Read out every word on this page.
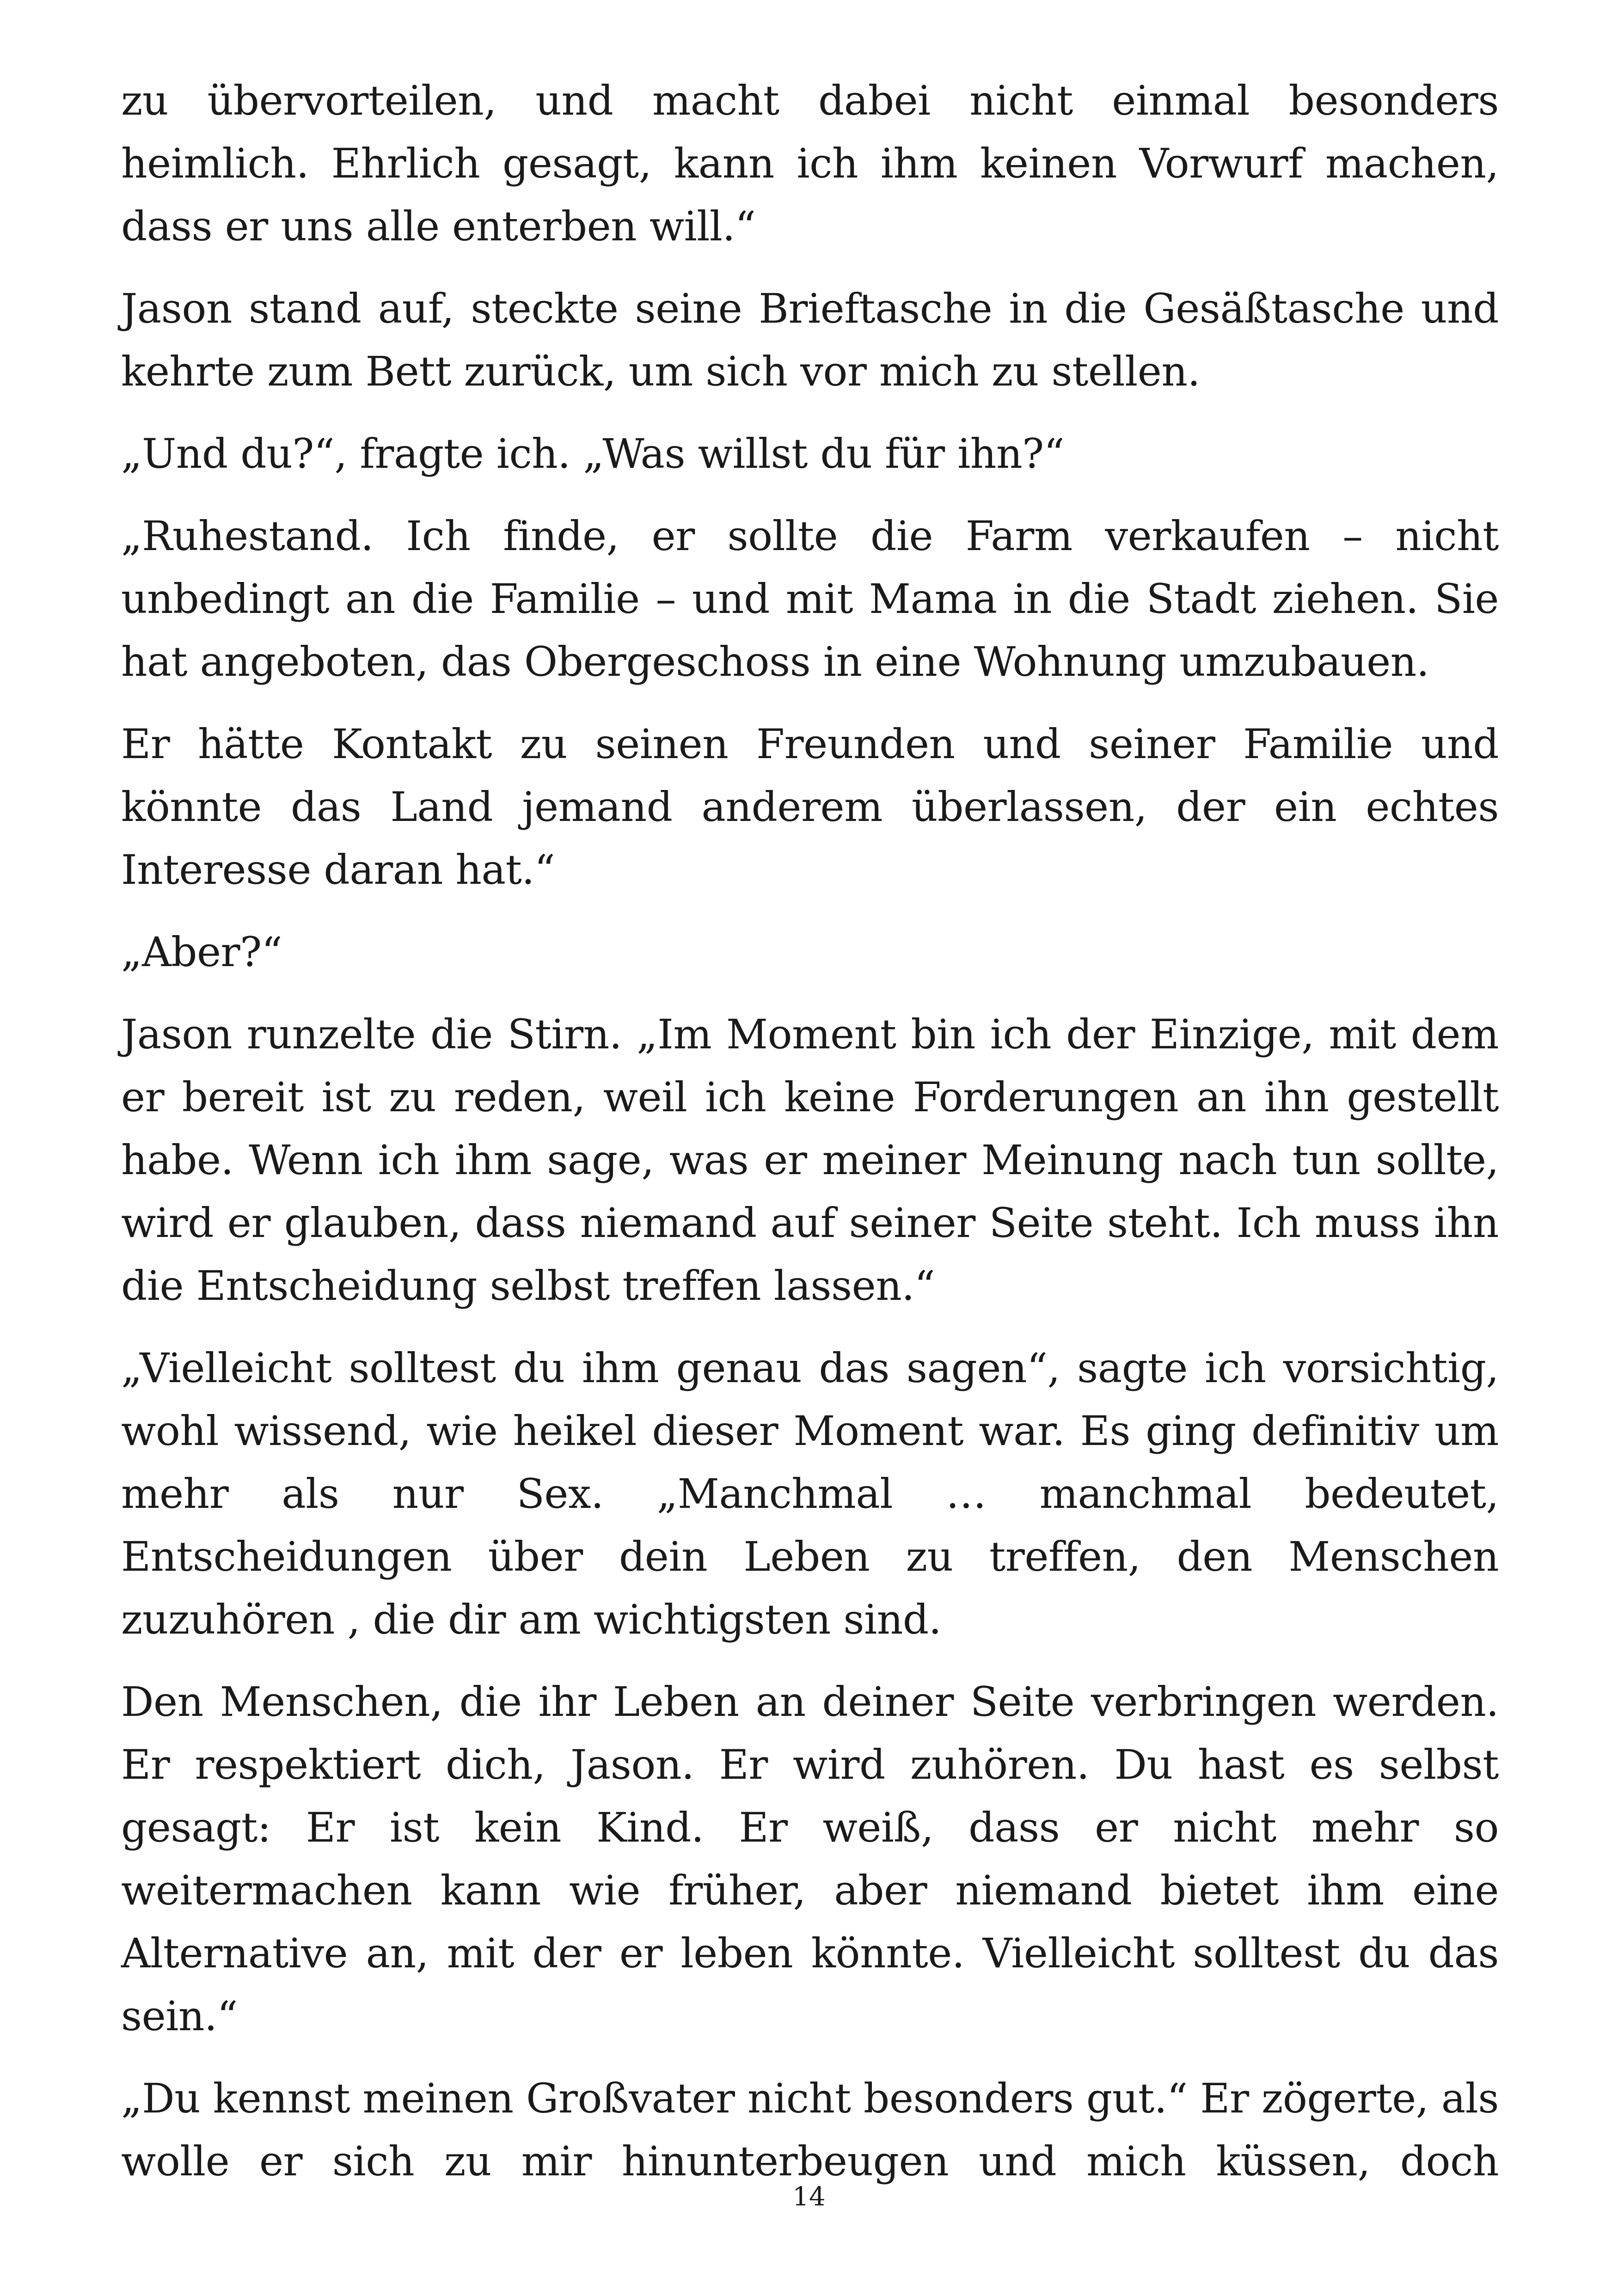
zu übervorteilen, und macht dabei nicht einmal besonders heimlich. Ehrlich gesagt, kann ich ihm keinen Vorwurf machen, dass er uns alle enterben will.“

Jason stand auf, steckte seine Brieftasche in die Gesäßtasche und kehrte zum Bett zurück, um sich vor mich zu stellen.

„Und du?“, fragte ich. „Was willst du für ihn?“

„Ruhestand. Ich finde, er sollte die Farm verkaufen – nicht unbedingt an die Familie – und mit Mama in die Stadt ziehen. Sie hat angeboten, das Obergeschoss in eine Wohnung umzubauen.

Er hätte Kontakt zu seinen Freunden und seiner Familie und könnte das Land jemand anderem überlassen, der ein echtes Interesse daran hat.“

„Aber?“

Jason runzelte die Stirn. „Im Moment bin ich der Einzige, mit dem er bereit ist zu reden, weil ich keine Forderungen an ihn gestellt habe. Wenn ich ihm sage, was er meiner Meinung nach tun sollte, wird er glauben, dass niemand auf seiner Seite steht. Ich muss ihn die Entscheidung selbst treffen lassen.“

„Vielleicht solltest du ihm genau das sagen“, sagte ich vorsichtig, wohl wissend, wie heikel dieser Moment war. Es ging definitiv um mehr als nur Sex. „Manchmal … manchmal bedeutet, Entscheidungen über dein Leben zu treffen, den Menschen zuzuhören , die dir am wichtigsten sind.

Den Menschen, die ihr Leben an deiner Seite verbringen werden. Er respektiert dich, Jason. Er wird zuhören. Du hast es selbst gesagt: Er ist kein Kind. Er weiß, dass er nicht mehr so weitermachen kann wie früher, aber niemand bietet ihm eine Alternative an, mit der er leben könnte. Vielleicht solltest du das sein.“

„Du kennst meinen Großvater nicht besonders gut.“ Er zögerte, als wolle er sich zu mir hinunterbeugen und mich küssen, doch

14
